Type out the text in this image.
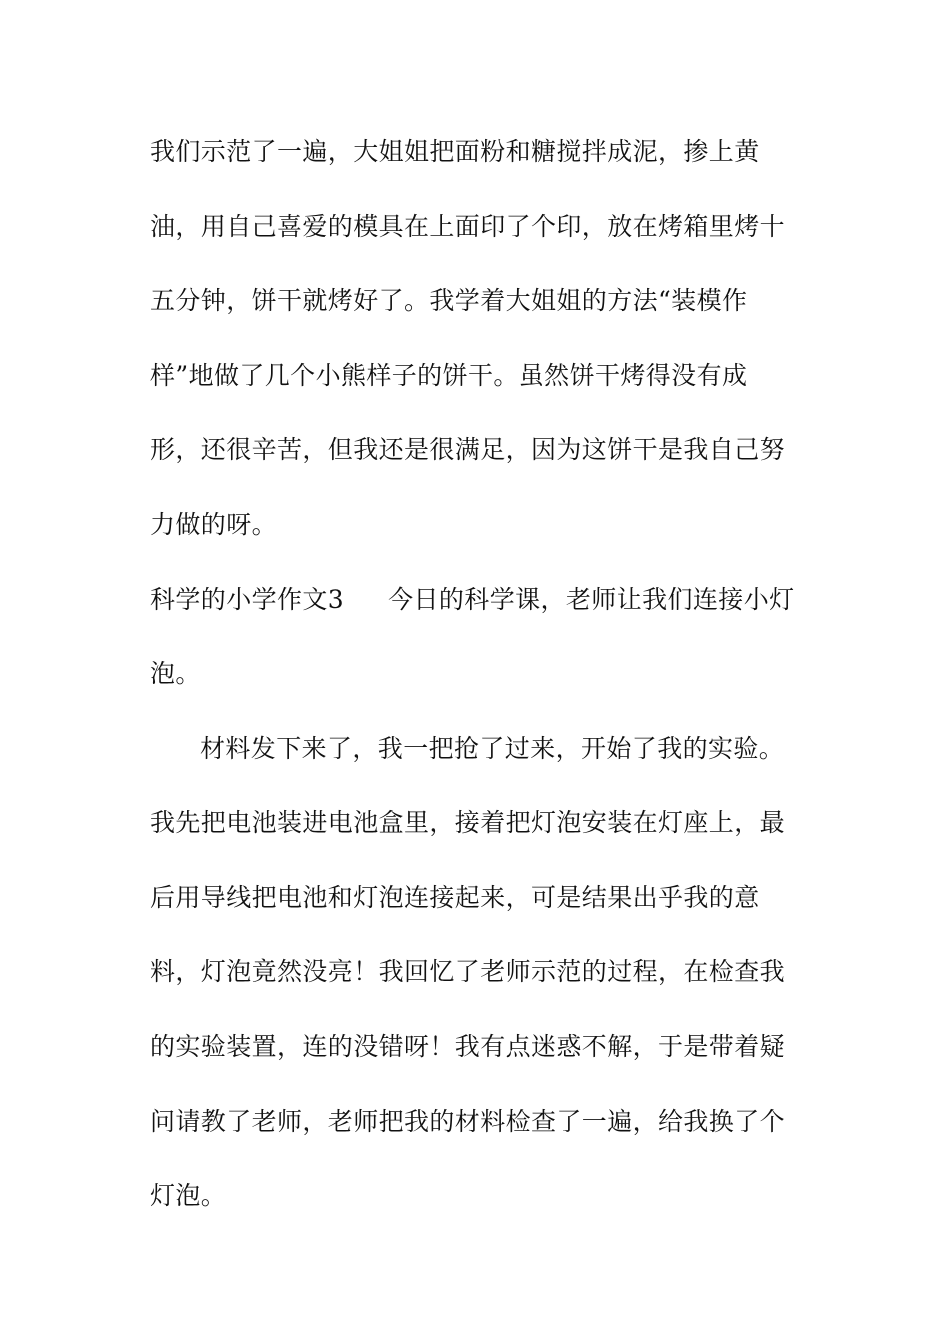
我们示范了一遍，大姐姐把面粉和糖搅拌成泥，掺上黄
油，用自己喜爱的模具在上面印了个印，放在烤箱里烤十
五分钟，饼干就烤好了。我学着大姐姐的方法“装模作
样”地做了几个小熊样子的饼干。虽然饼干烤得没有成
形，还很辛苦，但我还是很满足，因为这饼干是我自己努
力做的呀。
科学的小学作文3 今日的科学课，老师让我们连接小灯
泡。
材料发下来了，我一把抢了过来，开始了我的实验。
我先把电池装进电池盒里，接着把灯泡安装在灯座上，最
后用导线把电池和灯泡连接起来，可是结果出乎我的意
料，灯泡竟然没亮！我回忆了老师示范的过程，在检查我
的实验装置，连的没错呀！我有点迷惑不解，于是带着疑
问请教了老师，老师把我的材料检查了一遍，给我换了个
灯泡。
